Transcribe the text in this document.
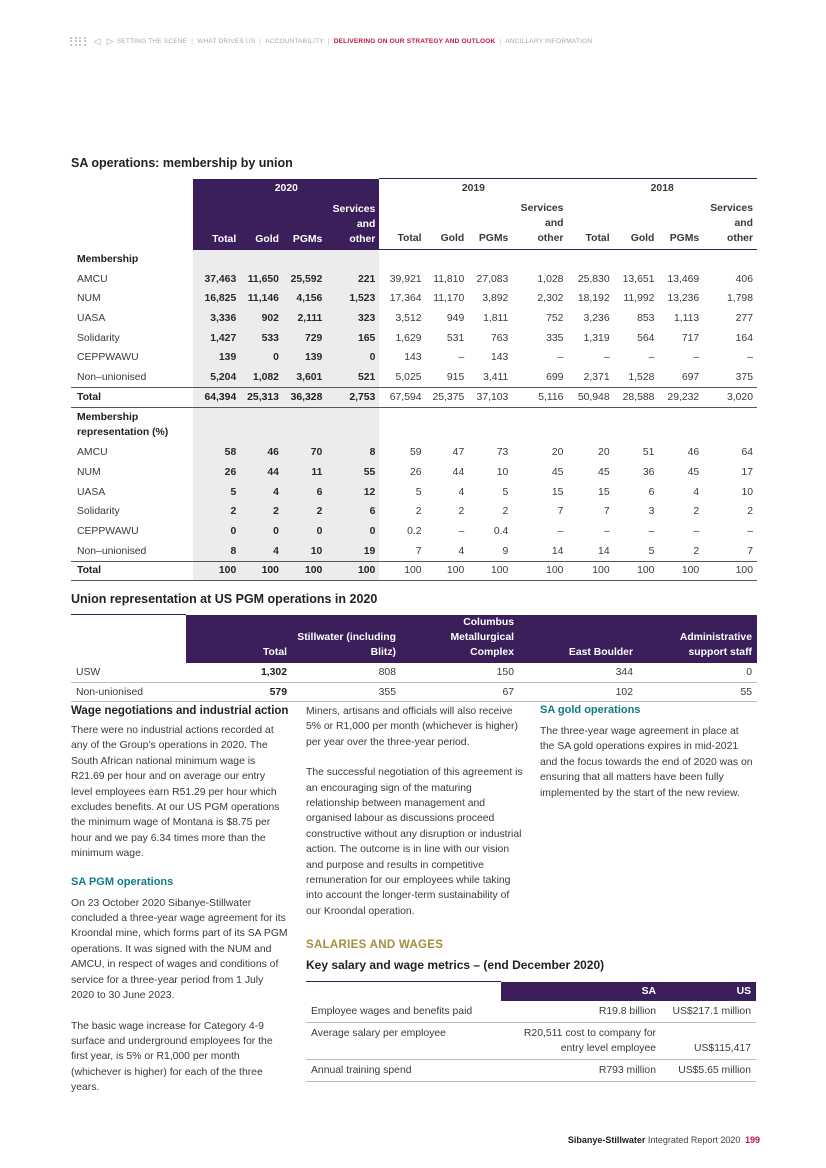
◁ ▷ SETTING THE SCENE | WHAT DRIVES US | ACCOUNTABILITY | DELIVERING ON OUR STRATEGY AND OUTLOOK | ANCILLARY INFORMATION
SA operations: membership by union
	2020				2019				2018			
	Total	Gold	PGMs	Services and other	Total	Gold	PGMs	Services and other	Total	Gold	PGMs	Services and other
Membership												
AMCU	37,463	11,650	25,592	221	39,921	11,810	27,083	1,028	25,830	13,651	13,469	406
NUM	16,825	11,146	4,156	1,523	17,364	11,170	3,892	2,302	18,192	11,992	13,236	1,798
UASA	3,336	902	2,111	323	3,512	949	1,811	752	3,236	853	1,113	277
Solidarity	1,427	533	729	165	1,629	531	763	335	1,319	564	717	164
CEPPWAWU	139	0	139	0	143	–	143	–	–	–	–	–
Non–unionised	5,204	1,082	3,601	521	5,025	915	3,411	699	2,371	1,528	697	375
Total	64,394	25,313	36,328	2,753	67,594	25,375	37,103	5,116	50,948	28,588	29,232	3,020
Membership representation (%)												
AMCU	58	46	70	8	59	47	73	20	20	51	46	64
NUM	26	44	11	55	26	44	10	45	45	36	45	17
UASA	5	4	6	12	5	4	5	15	15	6	4	10
Solidarity	2	2	2	6	2	2	2	7	7	3	2	2
CEPPWAWU	0	0	0	0	0.2	–	0.4	–	–	–	–	–
Non–unionised	8	4	10	19	7	4	9	14	14	5	2	7
Total	100	100	100	100	100	100	100	100	100	100	100	100
Union representation at US PGM operations in 2020
	Total	Stillwater (including Blitz)	Columbus Metallurgical Complex	East Boulder	Administrative support staff
USW	1,302	808	150	344	0
Non-unionised	579	355	67	102	55
Wage negotiations and industrial action

There were no industrial actions recorded at any of the Group’s operations in 2020. The South African national minimum wage is R21.69 per hour and on average our entry level employees earn R51.29 per hour which excludes benefits. At our US PGM operations the minimum wage of Montana is $8.75 per hour and we pay 6.34 times more than the minimum wage.

SA PGM operations

On 23 October 2020 Sibanye-Stillwater concluded a three-year wage agreement for its Kroondal mine, which forms part of its SA PGM operations. It was signed with the NUM and AMCU, in respect of wages and conditions of service for a three-year period from 1 July 2020 to 30 June 2023.

The basic wage increase for Category 4-9 surface and underground employees for the first year, is 5% or R1,000 per month (whichever is higher) for each of the three years.

Miners, artisans and officials will also receive 5% or R1,000 per month (whichever is higher) per year over the three-year period.

The successful negotiation of this agreement is an encouraging sign of the maturing relationship between management and organised labour as discussions proceed constructive without any disruption or industrial action. The outcome is in line with our vision and purpose and results in competitive remuneration for our employees while taking into account the longer-term sustainability of our Kroondal operation.

SA gold operations

The three-year wage agreement in place at the SA gold operations expires in mid-2021 and the focus towards the end of 2020 was on ensuring that all matters have been fully implemented by the start of the new review.

SALARIES AND WAGES
Key salary and wage metrics – (end December 2020)
	SA	US
Employee wages and benefits paid	R19.8 billion	US$217.1 million
Average salary per employee	R20,511 cost to company for entry level employee	US$115,417
Annual training spend	R793 million	US$5.65 million
Sibanye-Stillwater Integrated Report 2020 199
